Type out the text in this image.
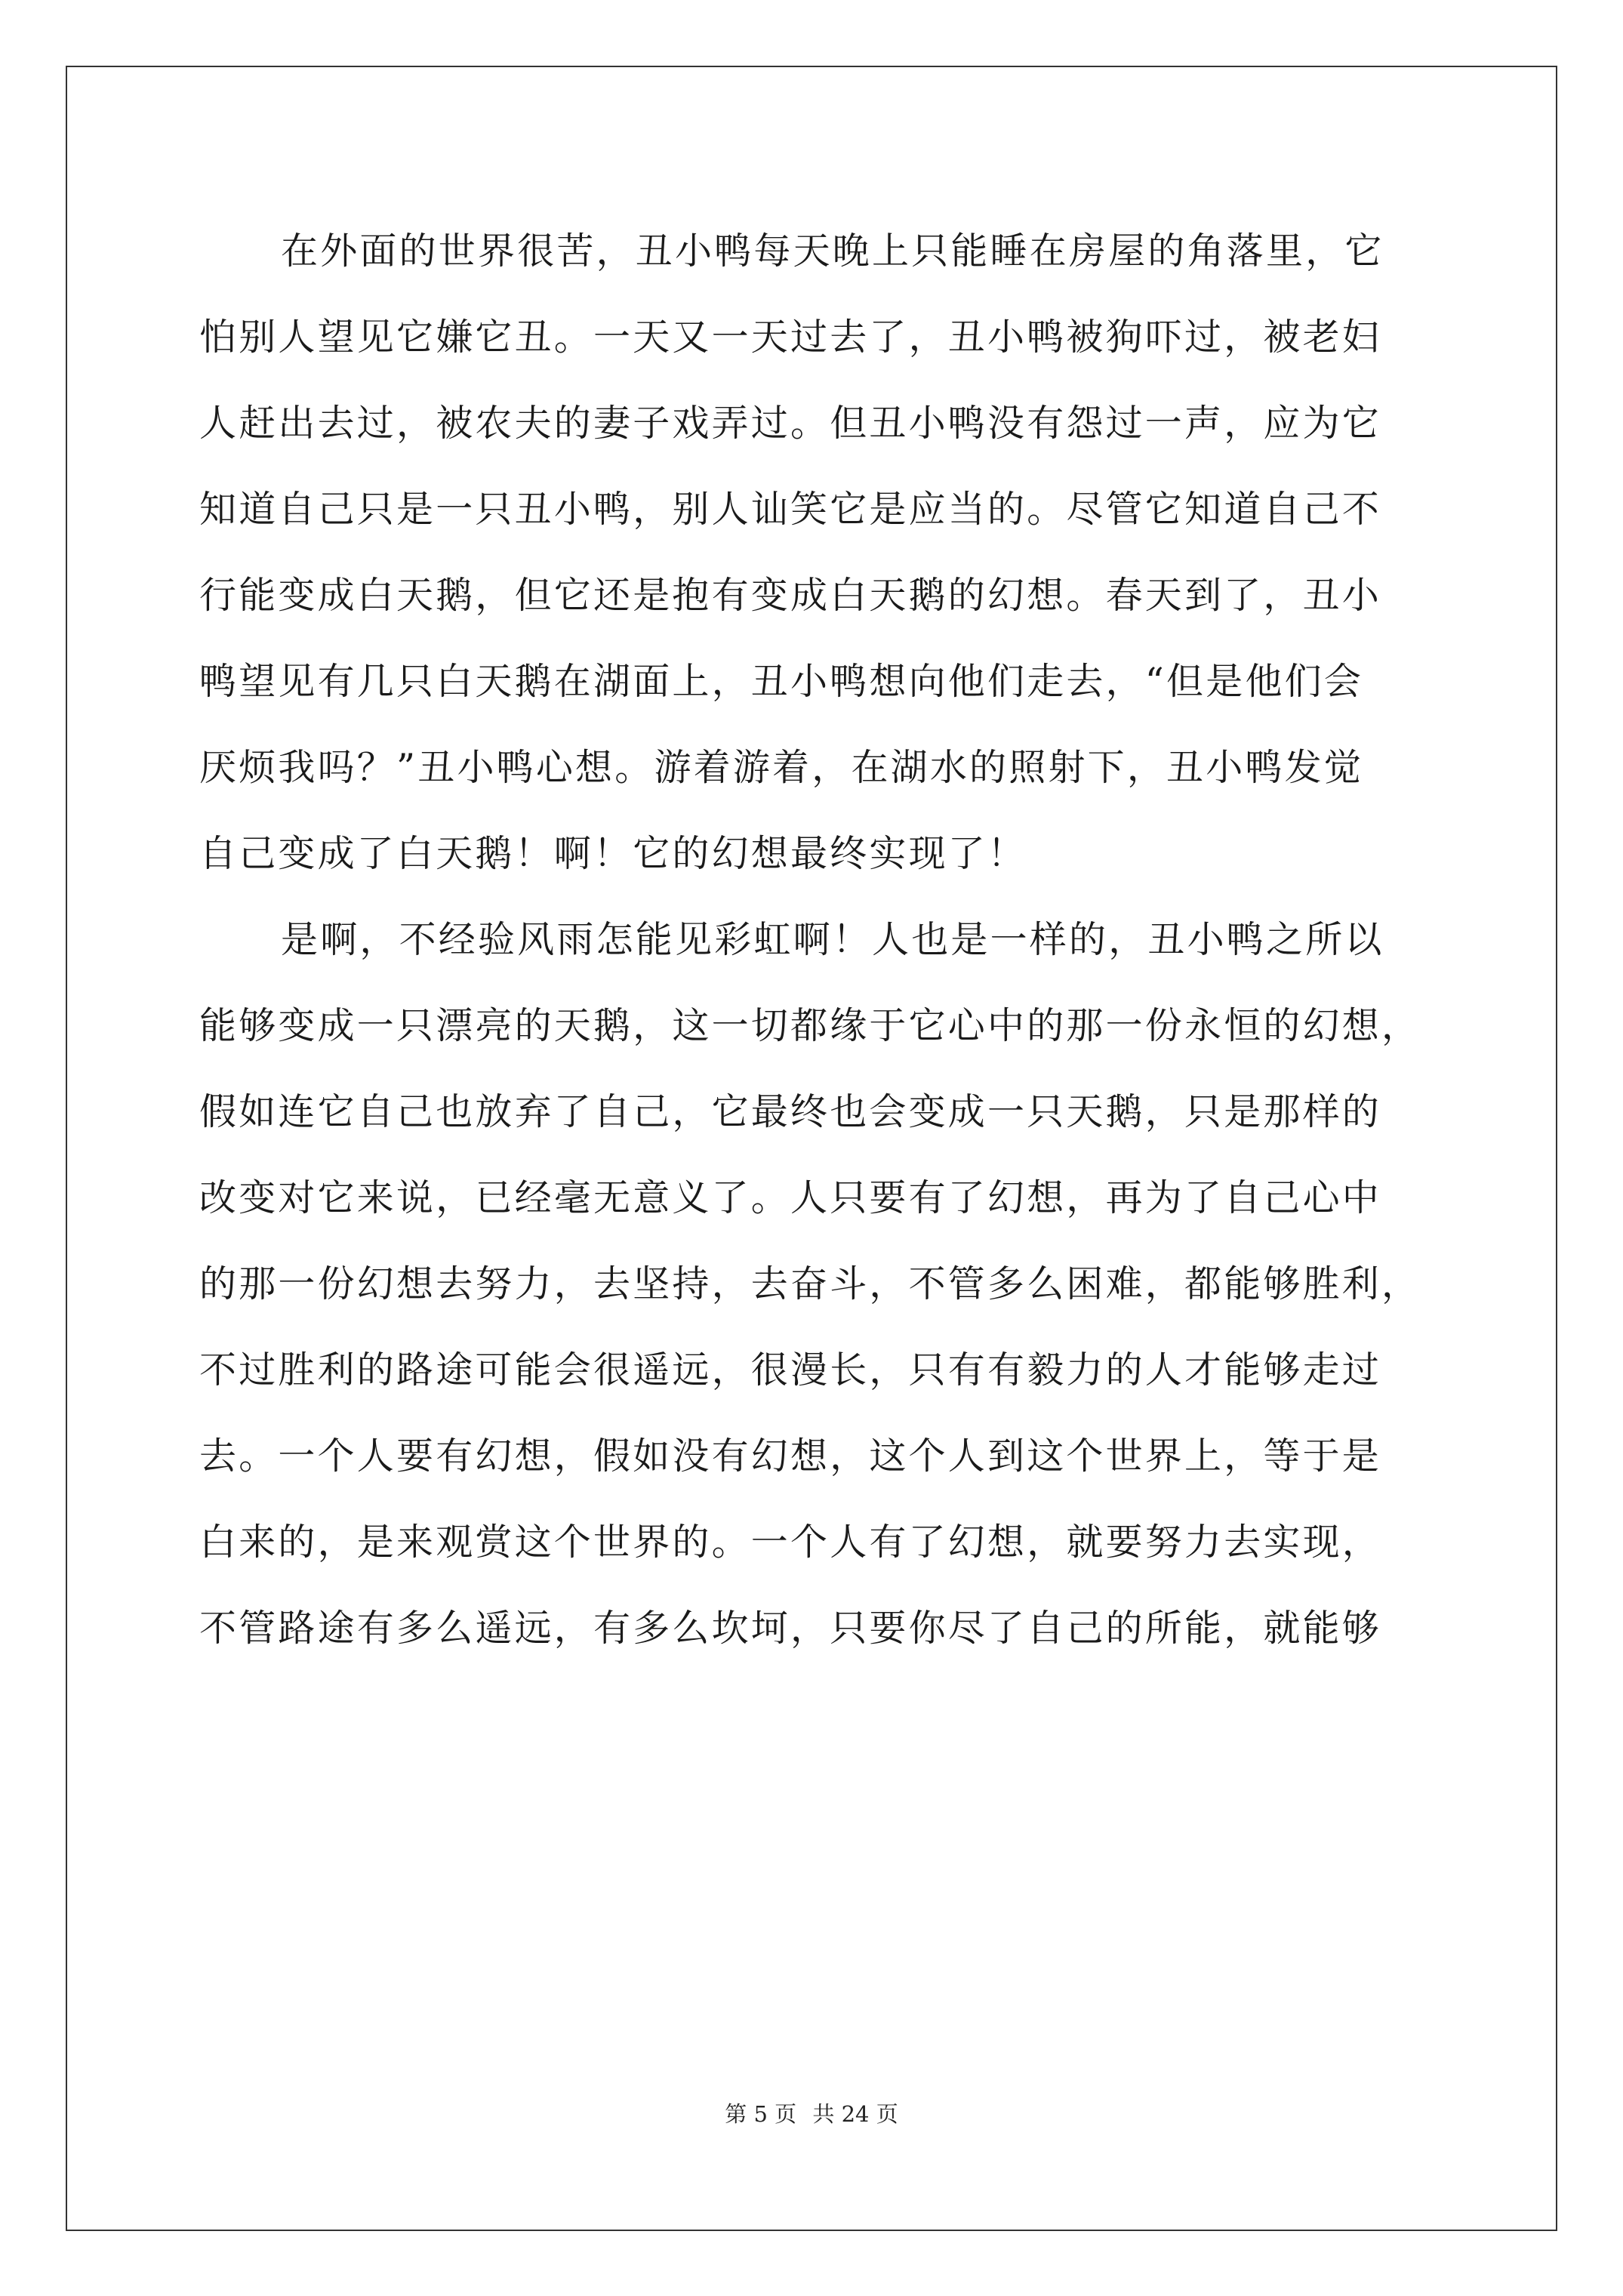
在外面的世界很苦，丑小鸭每天晚上只能睡在房屋的角落里，它
怕别人望见它嫌它丑。一天又一天过去了，丑小鸭被狗吓过，被老妇
人赶出去过，被农夫的妻子戏弄过。但丑小鸭没有怨过一声，应为它
知道自己只是一只丑小鸭，别人讪笑它是应当的。尽管它知道自己不
行能变成白天鹅，但它还是抱有变成白天鹅的幻想。春天到了，丑小
鸭望见有几只白天鹅在湖面上，丑小鸭想向他们走去，“但是他们会
厌烦我吗？”丑小鸭心想。游着游着，在湖水的照射下，丑小鸭发觉
自己变成了白天鹅！啊！它的幻想最终实现了！
是啊，不经验风雨怎能见彩虹啊！人也是一样的，丑小鸭之所以
能够变成一只漂亮的天鹅，这一切都缘于它心中的那一份永恒的幻想，
假如连它自己也放弃了自己，它最终也会变成一只天鹅，只是那样的
改变对它来说，已经毫无意义了。人只要有了幻想，再为了自己心中
的那一份幻想去努力，去坚持，去奋斗，不管多么困难，都能够胜利，
不过胜利的路途可能会很遥远，很漫长，只有有毅力的人才能够走过
去。一个人要有幻想，假如没有幻想，这个人到这个世界上，等于是
白来的，是来观赏这个世界的。一个人有了幻想，就要努力去实现，
不管路途有多么遥远，有多么坎坷，只要你尽了自己的所能，就能够
第 5 页 共 24 页
